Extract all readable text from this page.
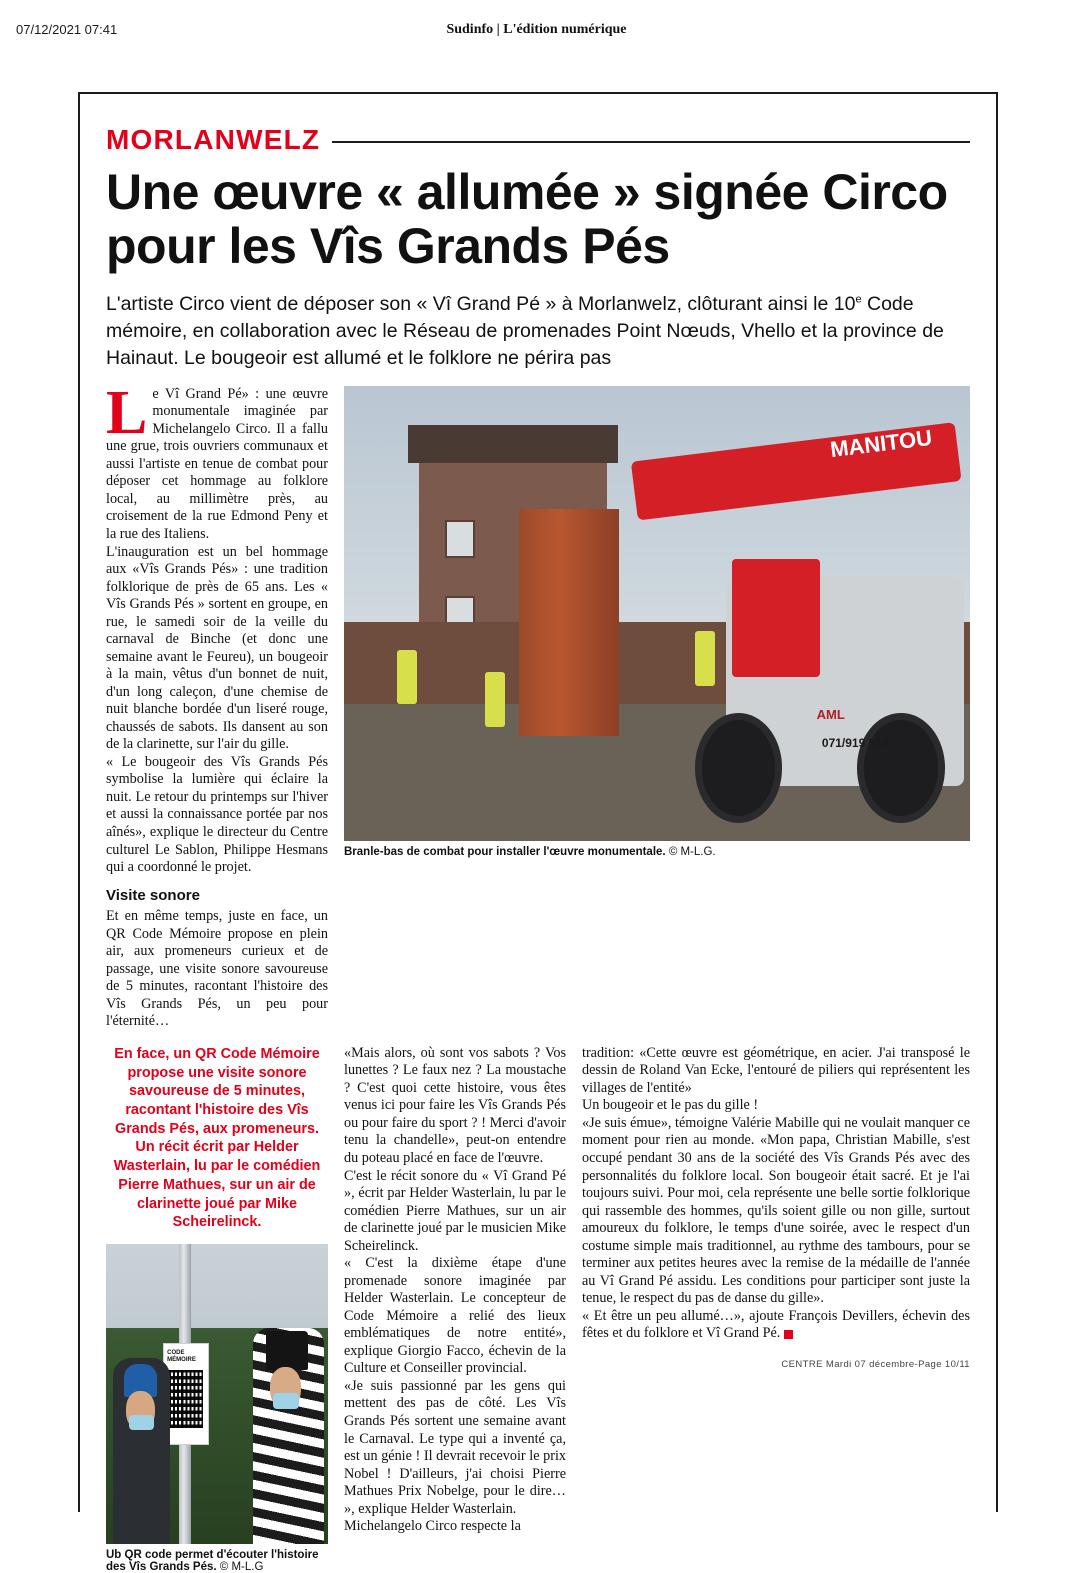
07/12/2021 07:41	Sudinfo | L'édition numérique
MORLANWELZ
Une œuvre « allumée » signée Circo pour les Vîs Grands Pés
L'artiste Circo vient de déposer son « Vî Grand Pé » à Morlanwelz, clôturant ainsi le 10e Code mémoire, en collaboration avec le Réseau de promenades Point Nœuds, Vhello et la province de Hainaut. Le bougeoir est allumé et le folklore ne périra pas

Le Vî Grand Pé» : une œuvre monumentale imaginée par Michelangelo Circo. Il a fallu une grue, trois ouvriers communaux et aussi l'artiste en tenue de combat pour déposer cet hommage au folklore local, au millimètre près, au croisement de la rue Edmond Peny et la rue des Italiens.

L'inauguration est un bel hommage aux «Vîs Grands Pés» : une tradition folklorique de près de 65 ans. Les « Vîs Grands Pés » sortent en groupe, en rue, le samedi soir de la veille du carnaval de Binche (et donc une semaine avant le Feureu), un bougeoir à la main, vêtus d'un bonnet de nuit, d'un long caleçon, d'une chemise de nuit blanche bordée d'un liseré rouge, chaussés de sabots. Ils dansent au son de la clarinette, sur l'air du gille.

« Le bougeoir des Vîs Grands Pés symbolise la lumière qui éclaire la nuit. Le retour du printemps sur l'hiver et aussi la connaissance portée par nos aînés», explique le directeur du Centre culturel Le Sablon, Philippe Hesmans qui a coordonné le projet.

Visite sonore

Et en même temps, juste en face, un QR Code Mémoire propose en plein air, aux promeneurs curieux et de passage, une visite sonore savoureuse de 5 minutes, racontant l'histoire des Vîs Grands Pés, un peu pour l'éternité…

MANITOU
AML
071/919 919
Branle-bas de combat pour installer l'œuvre monumentale. © M-L.G.
En face, un QR Code Mémoire propose une visite sonore savoureuse de 5 minutes, racontant l'histoire des Vîs Grands Pés, aux promeneurs. Un récit écrit par Helder Wasterlain, lu par le comédien Pierre Mathues, sur un air de clarinette joué par Mike Scheirelinck.
CODE MÉMOIRE
Ub QR code permet d'écouter l'histoire des Vîs Grands Pés. © M-L.G

«Mais alors, où sont vos sabots ? Vos lunettes ? Le faux nez ? La moustache ? C'est quoi cette histoire, vous êtes venus ici pour faire les Vîs Grands Pés ou pour faire du sport ? ! Merci d'avoir tenu la chandelle», peut-on entendre du poteau placé en face de l'œuvre.

C'est le récit sonore du « Vî Grand Pé », écrit par Helder Wasterlain, lu par le comédien Pierre Mathues, sur un air de clarinette joué par le musicien Mike Scheirelinck.

« C'est la dixième étape d'une promenade sonore imaginée par Helder Wasterlain. Le concepteur de Code Mémoire a relié des lieux emblématiques de notre entité», explique Giorgio Facco, échevin de la Culture et Conseiller provincial.

«Je suis passionné par les gens qui mettent des pas de côté. Les Vîs Grands Pés sortent une semaine avant le Carnaval. Le type qui a inventé ça, est un génie ! Il devrait recevoir le prix Nobel ! D'ailleurs, j'ai choisi Pierre Mathues Prix Nobelge, pour le dire… », explique Helder Wasterlain.

Michelangelo Circo respecte la

tradition: «Cette œuvre est géométrique, en acier. J'ai transposé le dessin de Roland Van Ecke, l'entouré de piliers qui représentent les villages de l'entité»

Un bougeoir et le pas du gille !

«Je suis émue», témoigne Valérie Mabille qui ne voulait manquer ce moment pour rien au monde. «Mon papa, Christian Mabille, s'est occupé pendant 30 ans de la société des Vîs Grands Pés avec des personnalités du folklore local. Son bougeoir était sacré. Et je l'ai toujours suivi. Pour moi, cela représente une belle sortie folklorique qui rassemble des hommes, qu'ils soient gille ou non gille, surtout amoureux du folklore, le temps d'une soirée, avec le respect d'un costume simple mais traditionnel, au rythme des tambours, pour se terminer aux petites heures avec la remise de la médaille de l'année au Vî Grand Pé assidu. Les conditions pour participer sont juste la tenue, le respect du pas de danse du gille».

« Et être un peu allumé…», ajoute François Devillers, échevin des fêtes et du folklore et Vî Grand Pé.

CENTRE Mardi 07 décembre-Page 10/11
